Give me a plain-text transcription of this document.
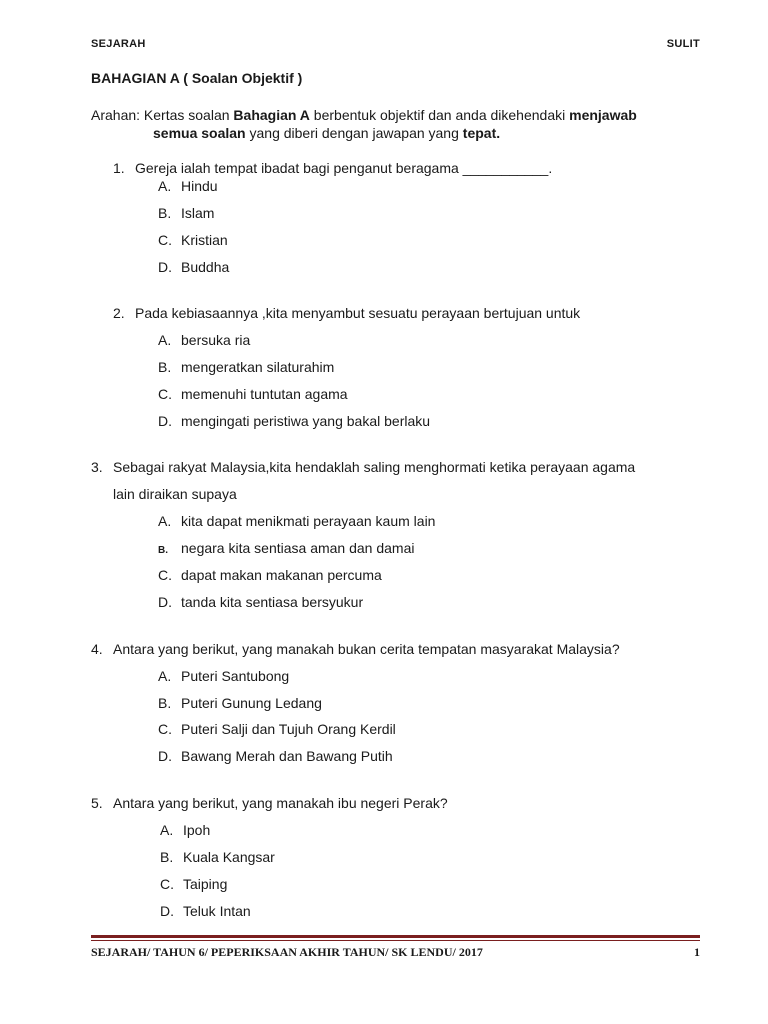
SEJARAH	SULIT
BAHAGIAN A ( Soalan Objektif )
Arahan: Kertas soalan Bahagian A berbentuk objektif dan anda dikehendaki menjawab
semua soalan yang diberi dengan jawapan yang tepat.
1. Gereja ialah tempat ibadat bagi penganut beragama ___________.
A. Hindu
B. Islam
C. Kristian
D. Buddha
2. Pada kebiasaannya ,kita menyambut sesuatu perayaan bertujuan untuk
A. bersuka ria
B. mengeratkan silaturahim
C. memenuhi tuntutan agama
D. mengingati peristiwa yang bakal berlaku
3. Sebagai rakyat Malaysia,kita hendaklah saling menghormati ketika perayaan agama
lain diraikan supaya
A. kita dapat menikmati perayaan kaum lain
B. negara kita sentiasa aman dan damai
C. dapat makan makanan percuma
D. tanda kita sentiasa bersyukur
4. Antara yang berikut, yang manakah bukan cerita tempatan masyarakat Malaysia?
A. Puteri Santubong
B. Puteri Gunung Ledang
C. Puteri Salji dan Tujuh Orang Kerdil
D. Bawang Merah dan Bawang Putih
5. Antara yang berikut, yang manakah ibu negeri Perak?
A. Ipoh
B. Kuala Kangsar
C. Taiping
D. Teluk Intan
SEJARAH/ TAHUN 6/ PEPERIKSAAN AKHIR TAHUN/ SK LENDU/ 2017	1
